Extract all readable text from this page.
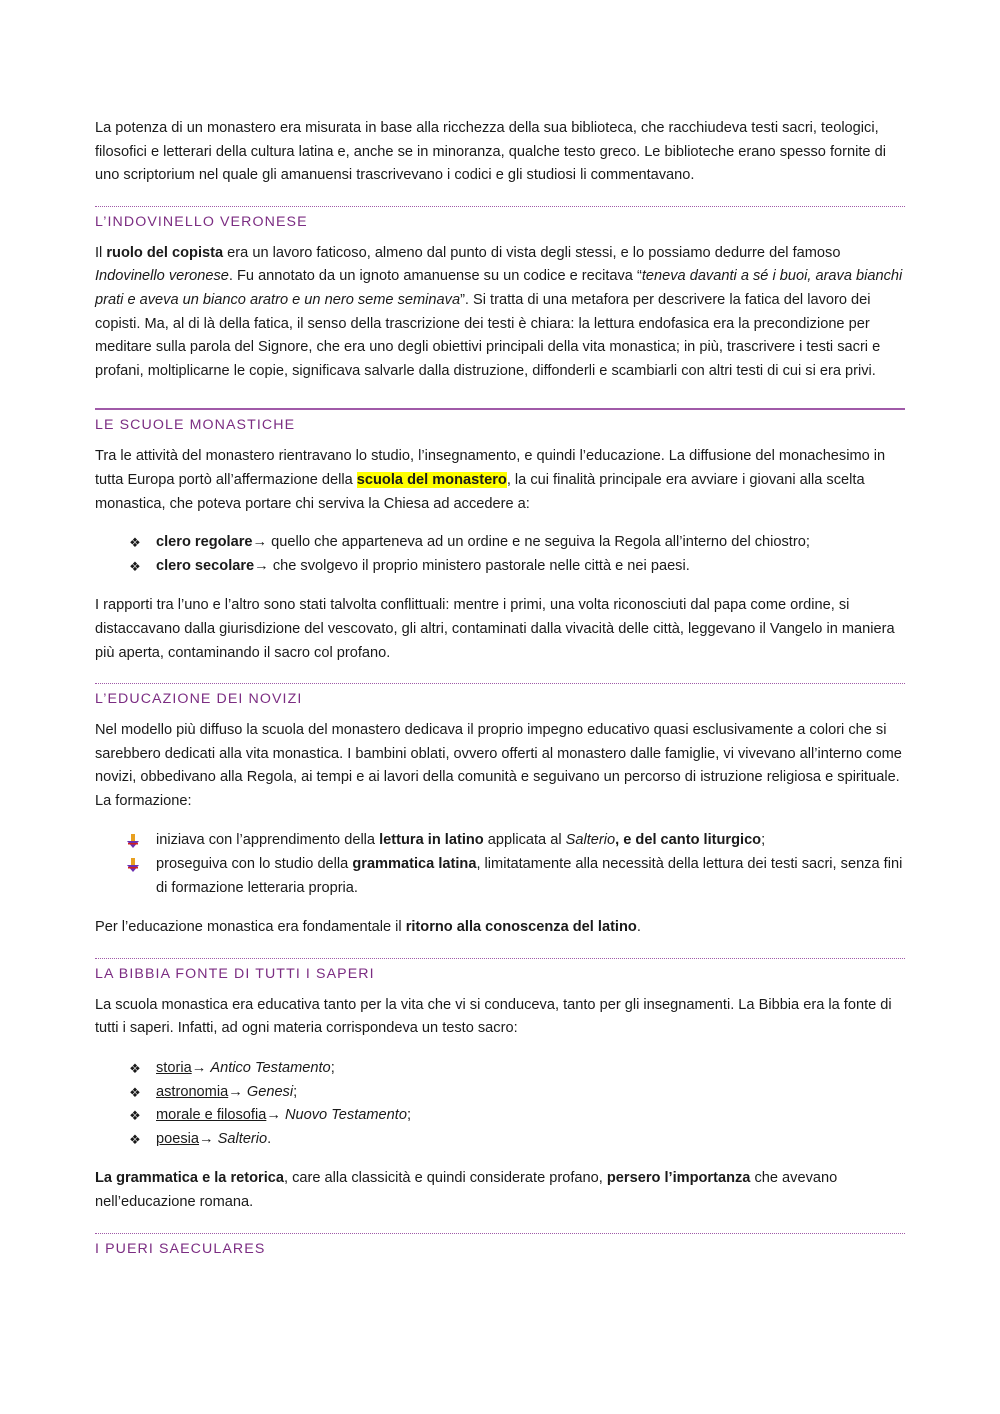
La potenza di un monastero era misurata in base alla ricchezza della sua biblioteca, che racchiudeva testi sacri, teologici, filosofici e letterari della cultura latina e, anche se in minoranza, qualche testo greco. Le biblioteche erano spesso fornite di uno scriptorium nel quale gli amanuensi trascrivevano i codici e gli studiosi li commentavano.

L’INDOVINELLO VERONESE

Il ruolo del copista era un lavoro faticoso, almeno dal punto di vista degli stessi, e lo possiamo dedurre del famoso Indovinello veronese. Fu annotato da un ignoto amanuense su un codice e recitava “teneva davanti a sé i buoi, arava bianchi prati e aveva un bianco aratro e un nero seme seminava”. Si tratta di una metafora per descrivere la fatica del lavoro dei copisti. Ma, al di là della fatica, il senso della trascrizione dei testi è chiara: la lettura endofasica era la precondizione per meditare sulla parola del Signore, che era uno degli obiettivi principali della vita monastica; in più, trascrivere i testi sacri e profani, moltiplicarne le copie, significava salvarle dalla distruzione, diffonderli e scambiarli con altri testi di cui si era privi.

LE SCUOLE MONASTICHE

Tra le attività del monastero rientravano lo studio, l’insegnamento, e quindi l’educazione. La diffusione del monachesimo in tutta Europa portò all’affermazione della scuola del monastero, la cui finalità principale era avviare i giovani alla scelta monastica, che poteva portare chi serviva la Chiesa ad accedere a:

❖ clero regolare→ quello che apparteneva ad un ordine e ne seguiva la Regola all’interno del chiostro;
❖ clero secolare→ che svolgevo il proprio ministero pastorale nelle città e nei paesi.

I rapporti tra l’uno e l’altro sono stati talvolta conflittuali: mentre i primi, una volta riconosciuti dal papa come ordine, si distaccavano dalla giurisdizione del vescovato, gli altri, contaminati dalla vivacità delle città, leggevano il Vangelo in maniera più aperta, contaminando il sacro col profano.

L’EDUCAZIONE DEI NOVIZI

Nel modello più diffuso la scuola del monastero dedicava il proprio impegno educativo quasi esclusivamente a colori che si sarebbero dedicati alla vita monastica. I bambini oblati, ovvero offerti al monastero dalle famiglie, vi vivevano all’interno come novizi, obbedivano alla Regola, ai tempi e ai lavori della comunità e seguivano un percorso di istruzione religiosa e spirituale. La formazione:

iniziava con l’apprendimento della lettura in latino applicata al Salterio, e del canto liturgico;
proseguiva con lo studio della grammatica latina, limitatamente alla necessità della lettura dei testi sacri, senza fini di formazione letteraria propria.

Per l’educazione monastica era fondamentale il ritorno alla conoscenza del latino.

LA BIBBIA FONTE DI TUTTI I SAPERI

La scuola monastica era educativa tanto per la vita che vi si conduceva, tanto per gli insegnamenti. La Bibbia era la fonte di tutti i saperi. Infatti, ad ogni materia corrispondeva un testo sacro:

❖ storia→ Antico Testamento;
❖ astronomia→ Genesi;
❖ morale e filosofia→ Nuovo Testamento;
❖ poesia→ Salterio.

La grammatica e la retorica, care alla classicità e quindi considerate profano, persero l’importanza che avevano nell’educazione romana.

I PUERI SAECULARES
